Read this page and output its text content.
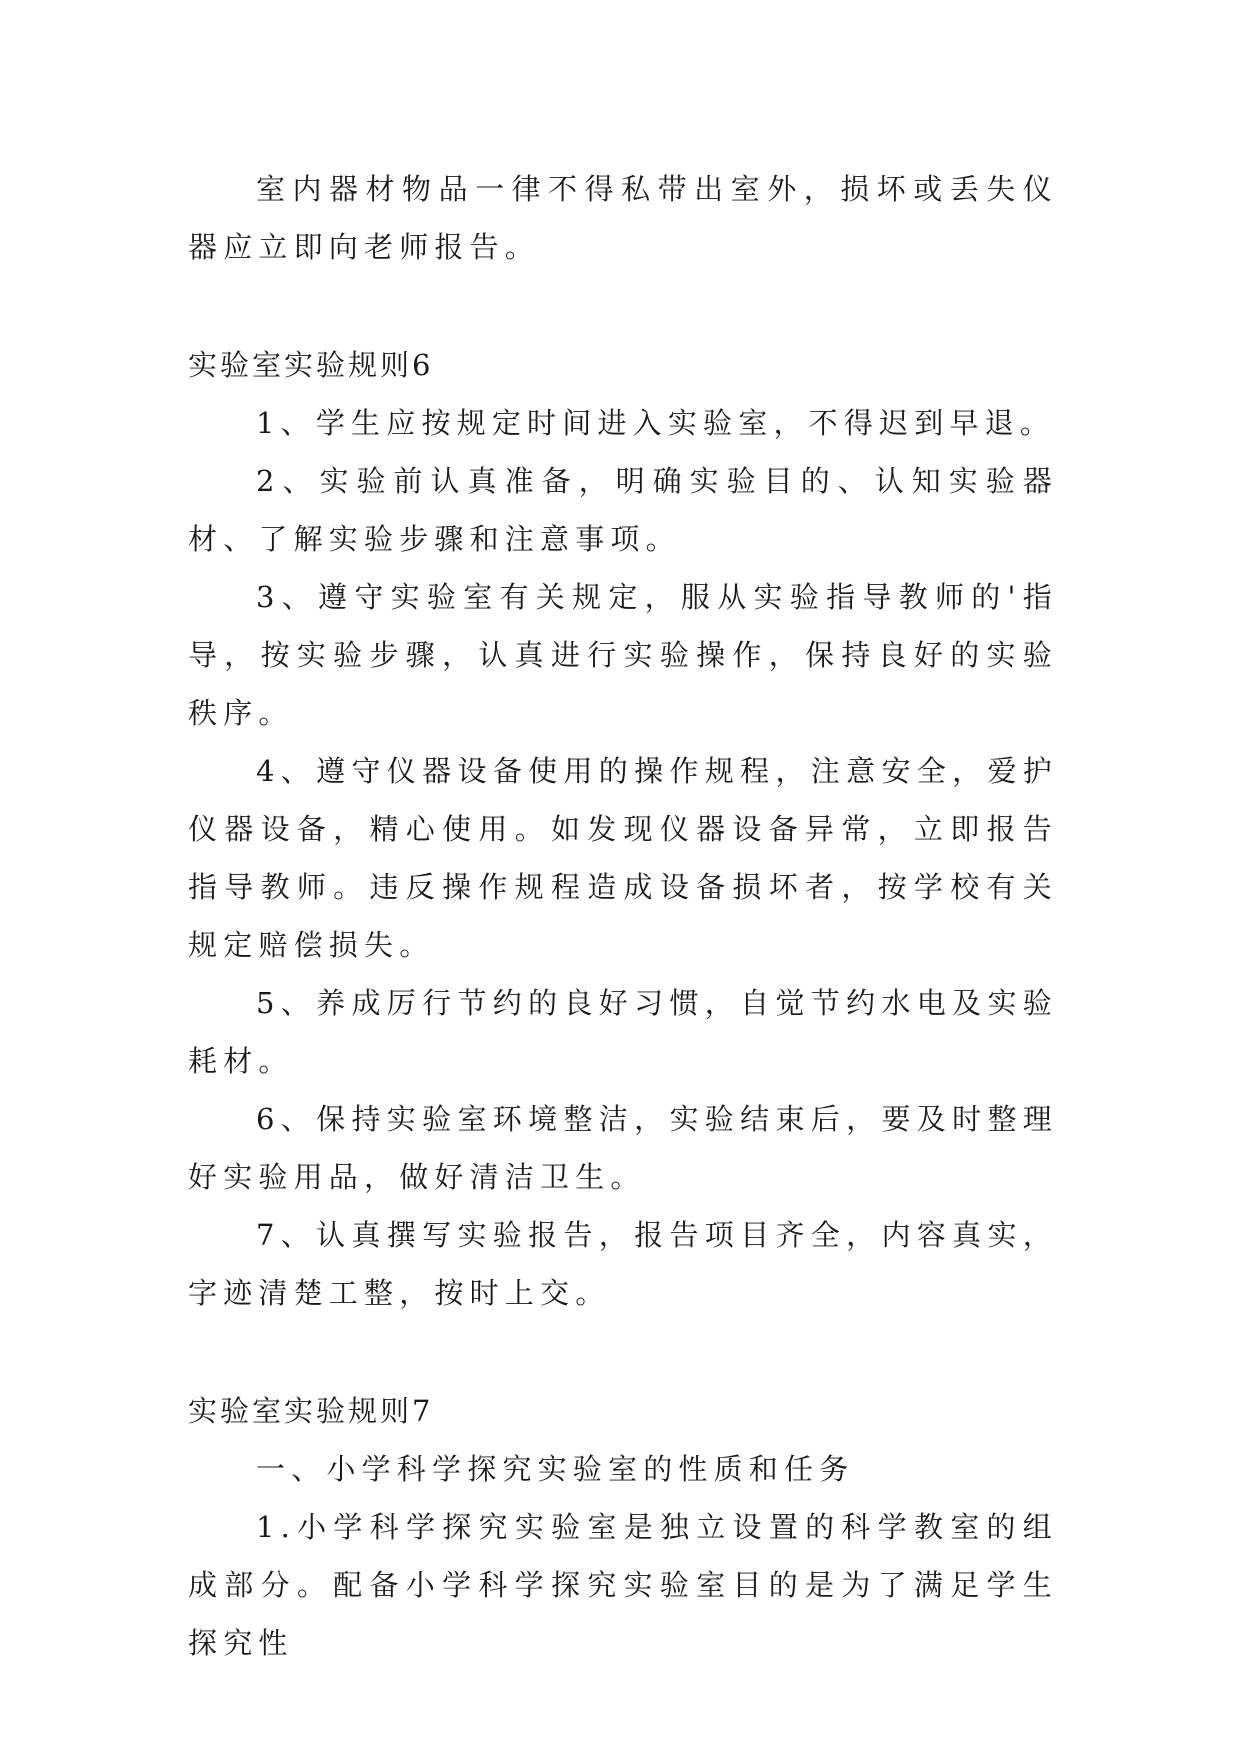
室内器材物品一律不得私带出室外，损坏或丢失仪器应立即向老师报告。

实验室实验规则6

1、学生应按规定时间进入实验室，不得迟到早退。

2、实验前认真准备，明确实验目的、认知实验器材、了解实验步骤和注意事项。

3、遵守实验室有关规定，服从实验指导教师的'指导，按实验步骤，认真进行实验操作，保持良好的实验秩序。

4、遵守仪器设备使用的操作规程，注意安全，爱护仪器设备，精心使用。如发现仪器设备异常，立即报告指导教师。违反操作规程造成设备损坏者，按学校有关规定赔偿损失。

5、养成厉行节约的良好习惯，自觉节约水电及实验耗材。

6、保持实验室环境整洁，实验结束后，要及时整理好实验用品，做好清洁卫生。

7、认真撰写实验报告，报告项目齐全，内容真实，字迹清楚工整，按时上交。

实验室实验规则7

一、小学科学探究实验室的性质和任务

1.小学科学探究实验室是独立设置的科学教室的组成部分。配备小学科学探究实验室目的是为了满足学生探究性
